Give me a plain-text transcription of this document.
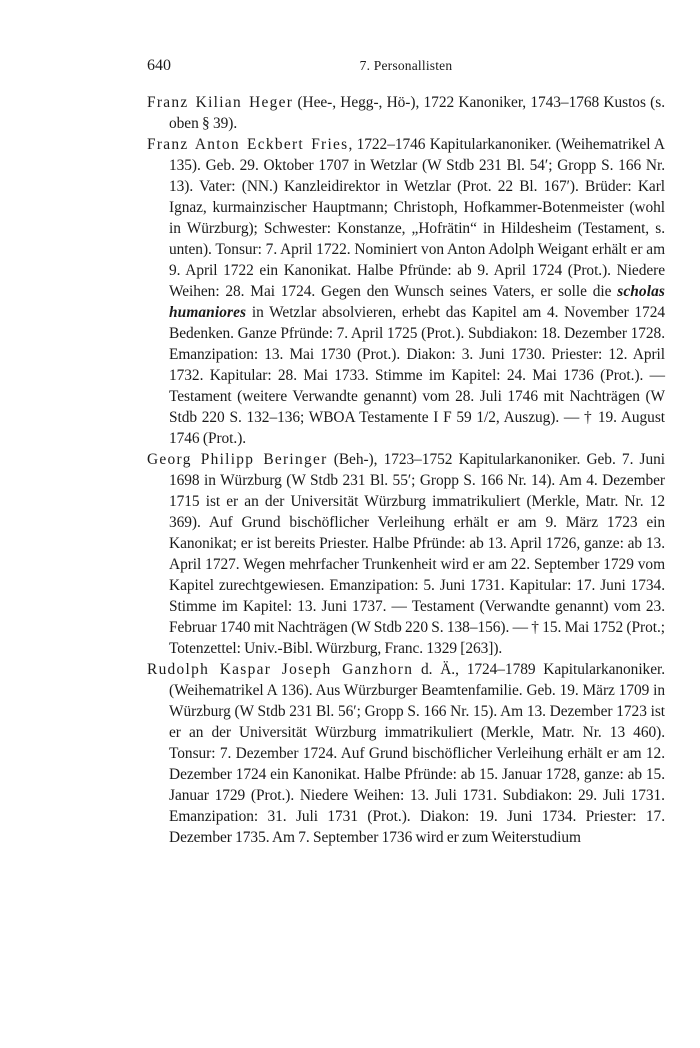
640	7. Personallisten

Franz Kilian Heger (Hee-, Hegg-, Hö-), 1722 Kanoniker, 1743–1768 Kustos (s. oben § 39).

Franz Anton Eckbert Fries, 1722–1746 Kapitularkanoniker. (Weihematrikel A 135). Geb. 29. Oktober 1707 in Wetzlar (W Stdb 231 Bl. 54′; Gropp S. 166 Nr. 13). Vater: (NN.) Kanzleidirektor in Wetzlar (Prot. 22 Bl. 167′). Brüder: Karl Ignaz, kurmainzischer Hauptmann; Christoph, Hofkammer-Botenmeister (wohl in Würzburg); Schwester: Konstanze, „Hofrätin“ in Hildesheim (Testament, s. unten). Tonsur: 7. April 1722. Nominiert von Anton Adolph Weigant erhält er am 9. April 1722 ein Kanonikat. Halbe Pfründe: ab 9. April 1724 (Prot.). Niedere Weihen: 28. Mai 1724. Gegen den Wunsch seines Vaters, er solle die scholas humaniores in Wetzlar absolvieren, erhebt das Kapitel am 4. November 1724 Bedenken. Ganze Pfründe: 7. April 1725 (Prot.). Subdiakon: 18. Dezember 1728. Emanzipation: 13. Mai 1730 (Prot.). Diakon: 3. Juni 1730. Priester: 12. April 1732. Kapitular: 28. Mai 1733. Stimme im Kapitel: 24. Mai 1736 (Prot.). — Testament (weitere Verwandte genannt) vom 28. Juli 1746 mit Nachträgen (W Stdb 220 S. 132–136; WBOA Testamente I F 59 1/2, Auszug). — † 19. August 1746 (Prot.).

Georg Philipp Beringer (Beh-), 1723–1752 Kapitularkanoniker. Geb. 7. Juni 1698 in Würzburg (W Stdb 231 Bl. 55′; Gropp S. 166 Nr. 14). Am 4. Dezember 1715 ist er an der Universität Würzburg immatrikuliert (Merkle, Matr. Nr. 12 369). Auf Grund bischöflicher Verleihung erhält er am 9. März 1723 ein Kanonikat; er ist bereits Priester. Halbe Pfründe: ab 13. April 1726, ganze: ab 13. April 1727. Wegen mehrfacher Trunkenheit wird er am 22. September 1729 vom Kapitel zurechtgewiesen. Emanzipation: 5. Juni 1731. Kapitular: 17. Juni 1734. Stimme im Kapitel: 13. Juni 1737. — Testament (Verwandte genannt) vom 23. Februar 1740 mit Nachträgen (W Stdb 220 S. 138–156). — † 15. Mai 1752 (Prot.; Totenzettel: Univ.-Bibl. Würzburg, Franc. 1329 [263]).

Rudolph Kaspar Joseph Ganzhorn d. Ä., 1724–1789 Kapitularkanoniker. (Weihematrikel A 136). Aus Würzburger Beamtenfamilie. Geb. 19. März 1709 in Würzburg (W Stdb 231 Bl. 56′; Gropp S. 166 Nr. 15). Am 13. Dezember 1723 ist er an der Universität Würzburg immatrikuliert (Merkle, Matr. Nr. 13 460). Tonsur: 7. Dezember 1724. Auf Grund bischöflicher Verleihung erhält er am 12. Dezember 1724 ein Kanonikat. Halbe Pfründe: ab 15. Januar 1728, ganze: ab 15. Januar 1729 (Prot.). Niedere Weihen: 13. Juli 1731. Subdiakon: 29. Juli 1731. Emanzipation: 31. Juli 1731 (Prot.). Diakon: 19. Juni 1734. Priester: 17. Dezember 1735. Am 7. September 1736 wird er zum Weiterstudium
